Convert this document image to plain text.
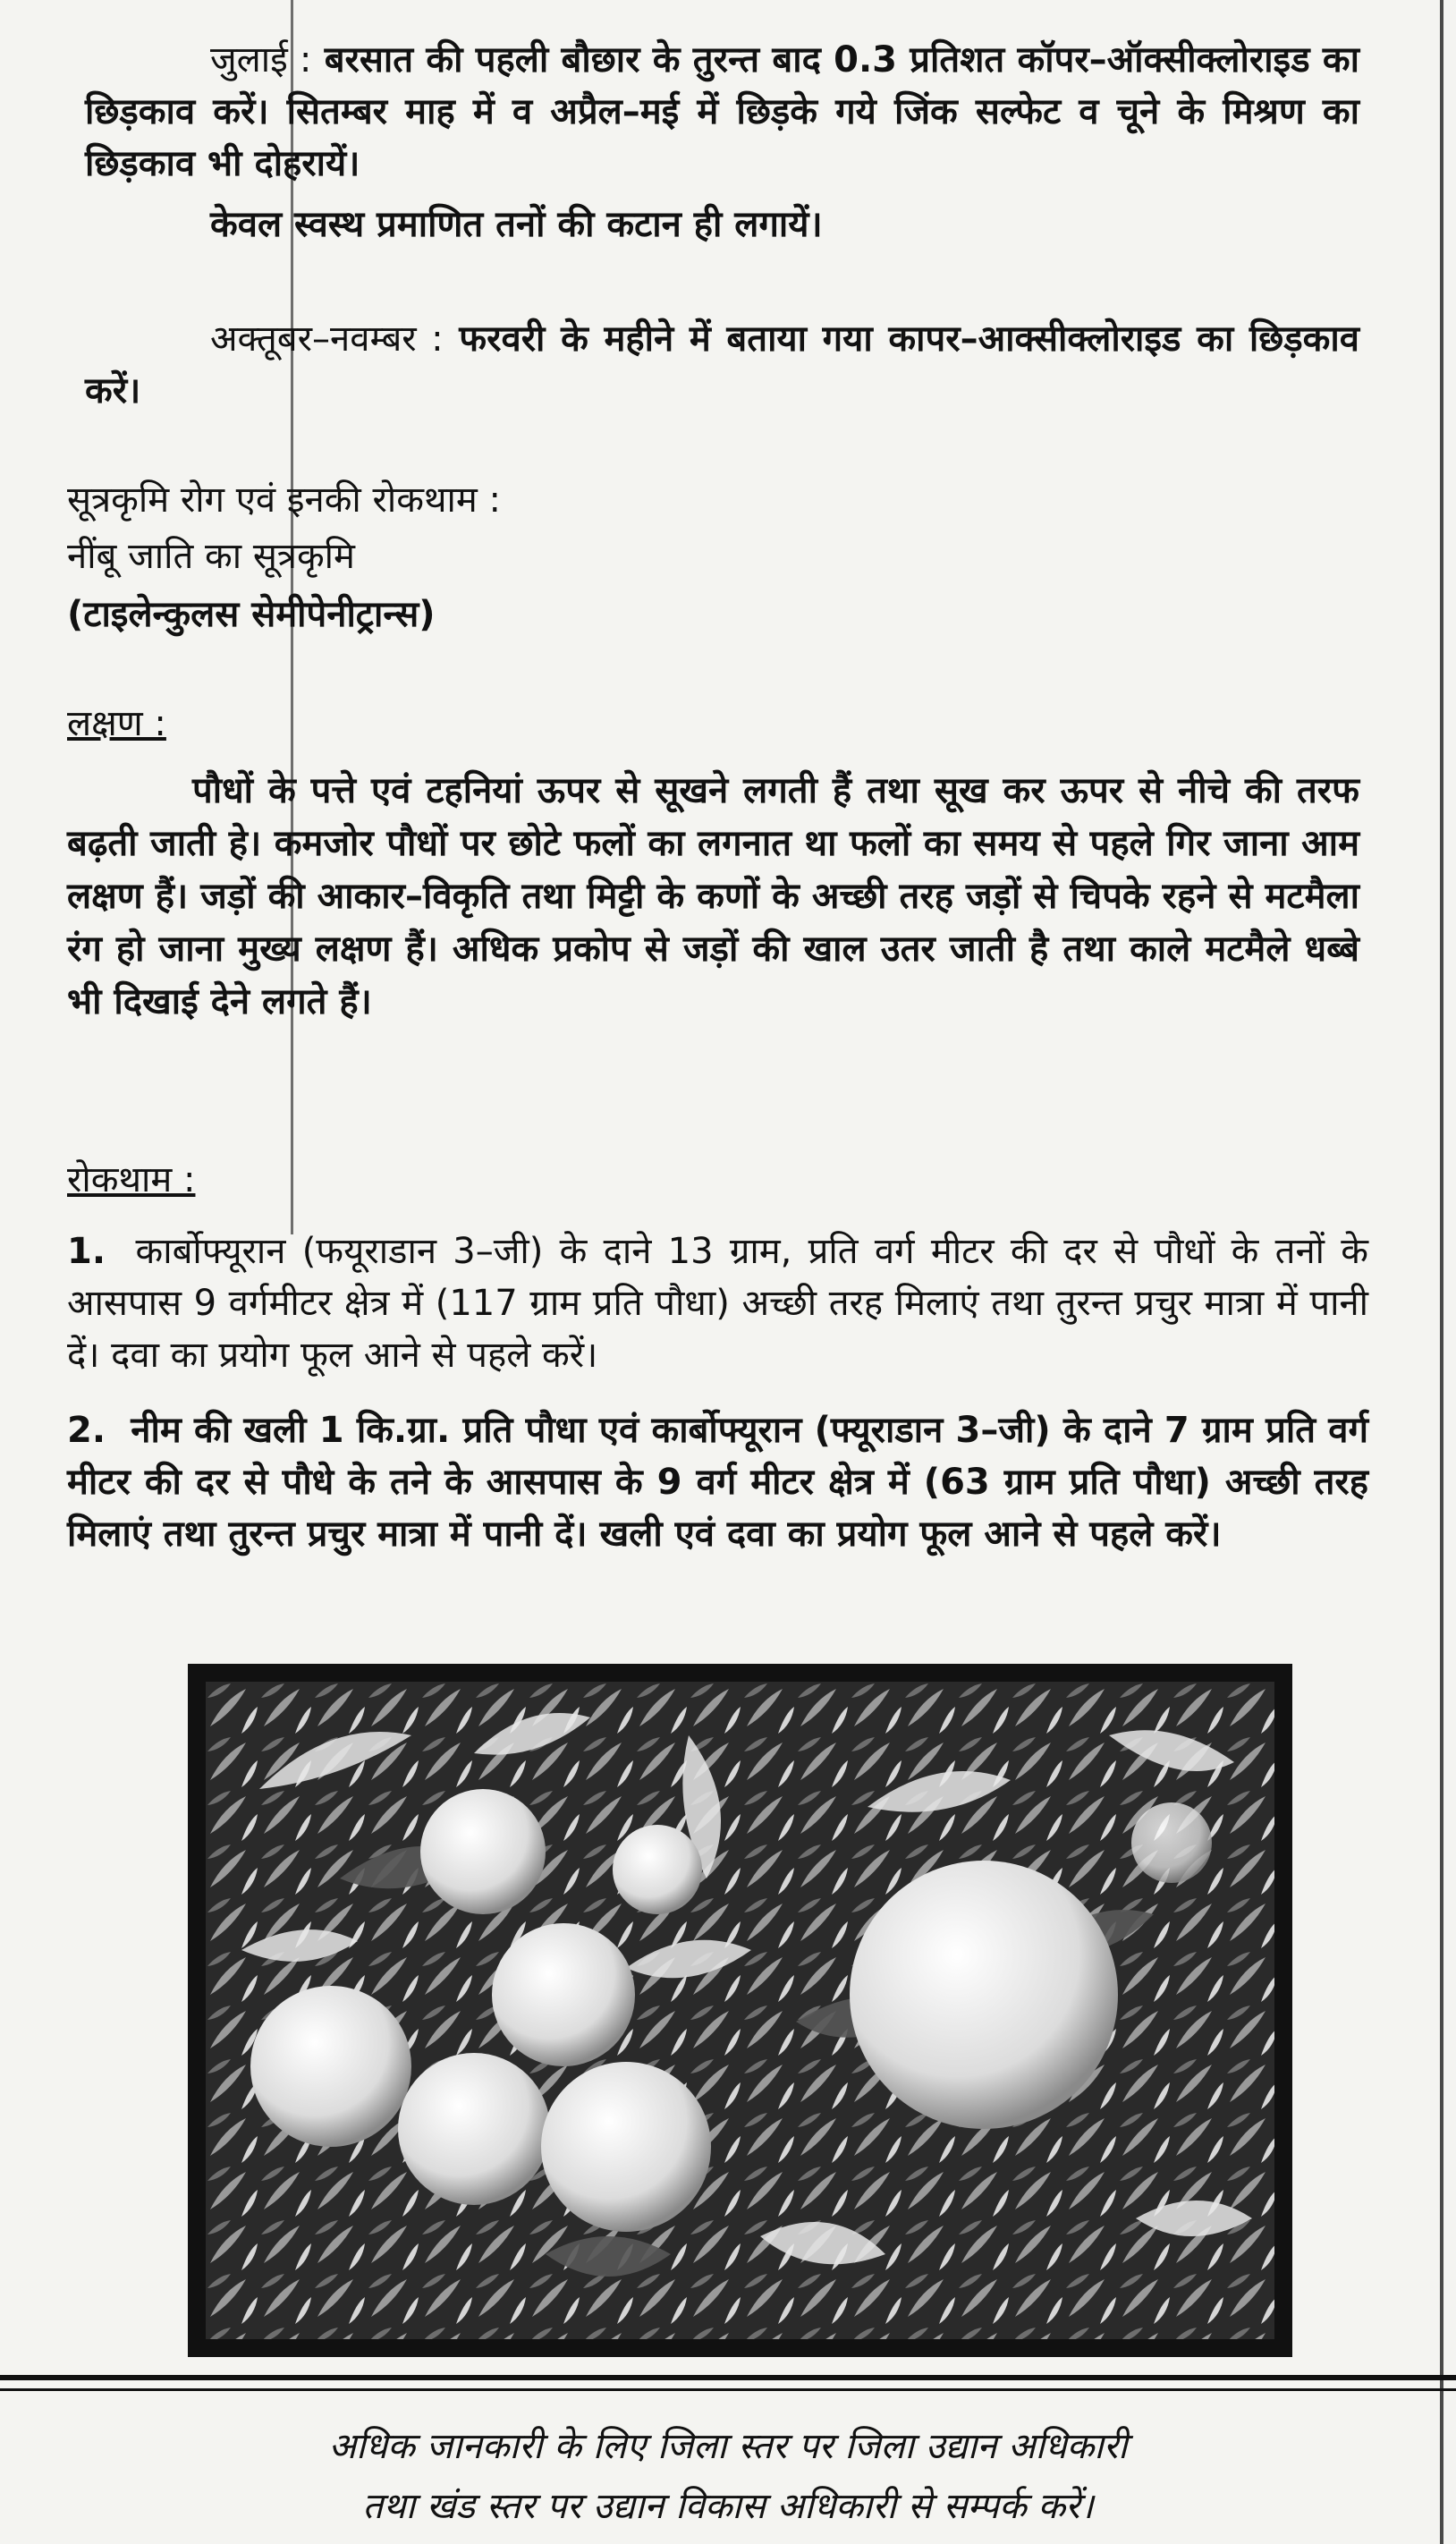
जुलाई : बरसात की पहली बौछार के तुरन्त बाद 0.3 प्रतिशत कॉपर–ऑक्सीक्लोराइड का छिड़काव करें। सितम्बर माह में व अप्रैल–मई में छिड़के गये जिंक सल्फेट व चूने के मिश्रण का छिड़काव भी दोहरायें।
केवल स्वस्थ प्रमाणित तनों की कटान ही लगायें।
अक्तूबर–नवम्बर : फरवरी के महीने में बताया गया कापर–आक्सीक्लोराइड का छिड़काव करें।
सूत्रकृमि रोग एवं इनकी रोकथाम :
नींबू जाति का सूत्रकृमि
(टाइलेन्कुलस सेमीपेनीट्रान्स)
लक्षण :
पौधों के पत्ते एवं टहनियां ऊपर से सूखने लगती हैं तथा सूख कर ऊपर से नीचे की तरफ बढ़ती जाती हे। कमजोर पौधों पर छोटे फलों का लगनात था फलों का समय से पहले गिर जाना आम लक्षण हैं। जड़ों की आकार–विकृति तथा मिट्टी के कणों के अच्छी तरह जड़ों से चिपके रहने से मटमैला रंग हो जाना मुख्य लक्षण हैं। अधिक प्रकोप से जड़ों की खाल उतर जाती है तथा काले मटमैले धब्बे भी दिखाई देने लगते हैं।
रोकथाम :
1. कार्बोफ्यूरान (फयूराडान 3–जी) के दाने 13 ग्राम, प्रति वर्ग मीटर की दर से पौधों के तनों के आसपास 9 वर्गमीटर क्षेत्र में (117 ग्राम प्रति पौधा) अच्छी तरह मिलाएं तथा तुरन्त प्रचुर मात्रा में पानी दें। दवा का प्रयोग फूल आने से पहले करें।
2. नीम की खली 1 कि.ग्रा. प्रति पौधा एवं कार्बोफ्यूरान (फ्यूराडान 3–जी) के दाने 7 ग्राम प्रति वर्ग मीटर की दर से पौधे के तने के आसपास के 9 वर्ग मीटर क्षेत्र में (63 ग्राम प्रति पौधा) अच्छी तरह मिलाएं तथा तुरन्त प्रचुर मात्रा में पानी दें। खली एवं दवा का प्रयोग फूल आने से पहले करें।
अधिक जानकारी के लिए जिला स्तर पर जिला उद्यान अधिकारी
तथा खंड स्तर पर उद्यान विकास अधिकारी से सम्पर्क करें।
